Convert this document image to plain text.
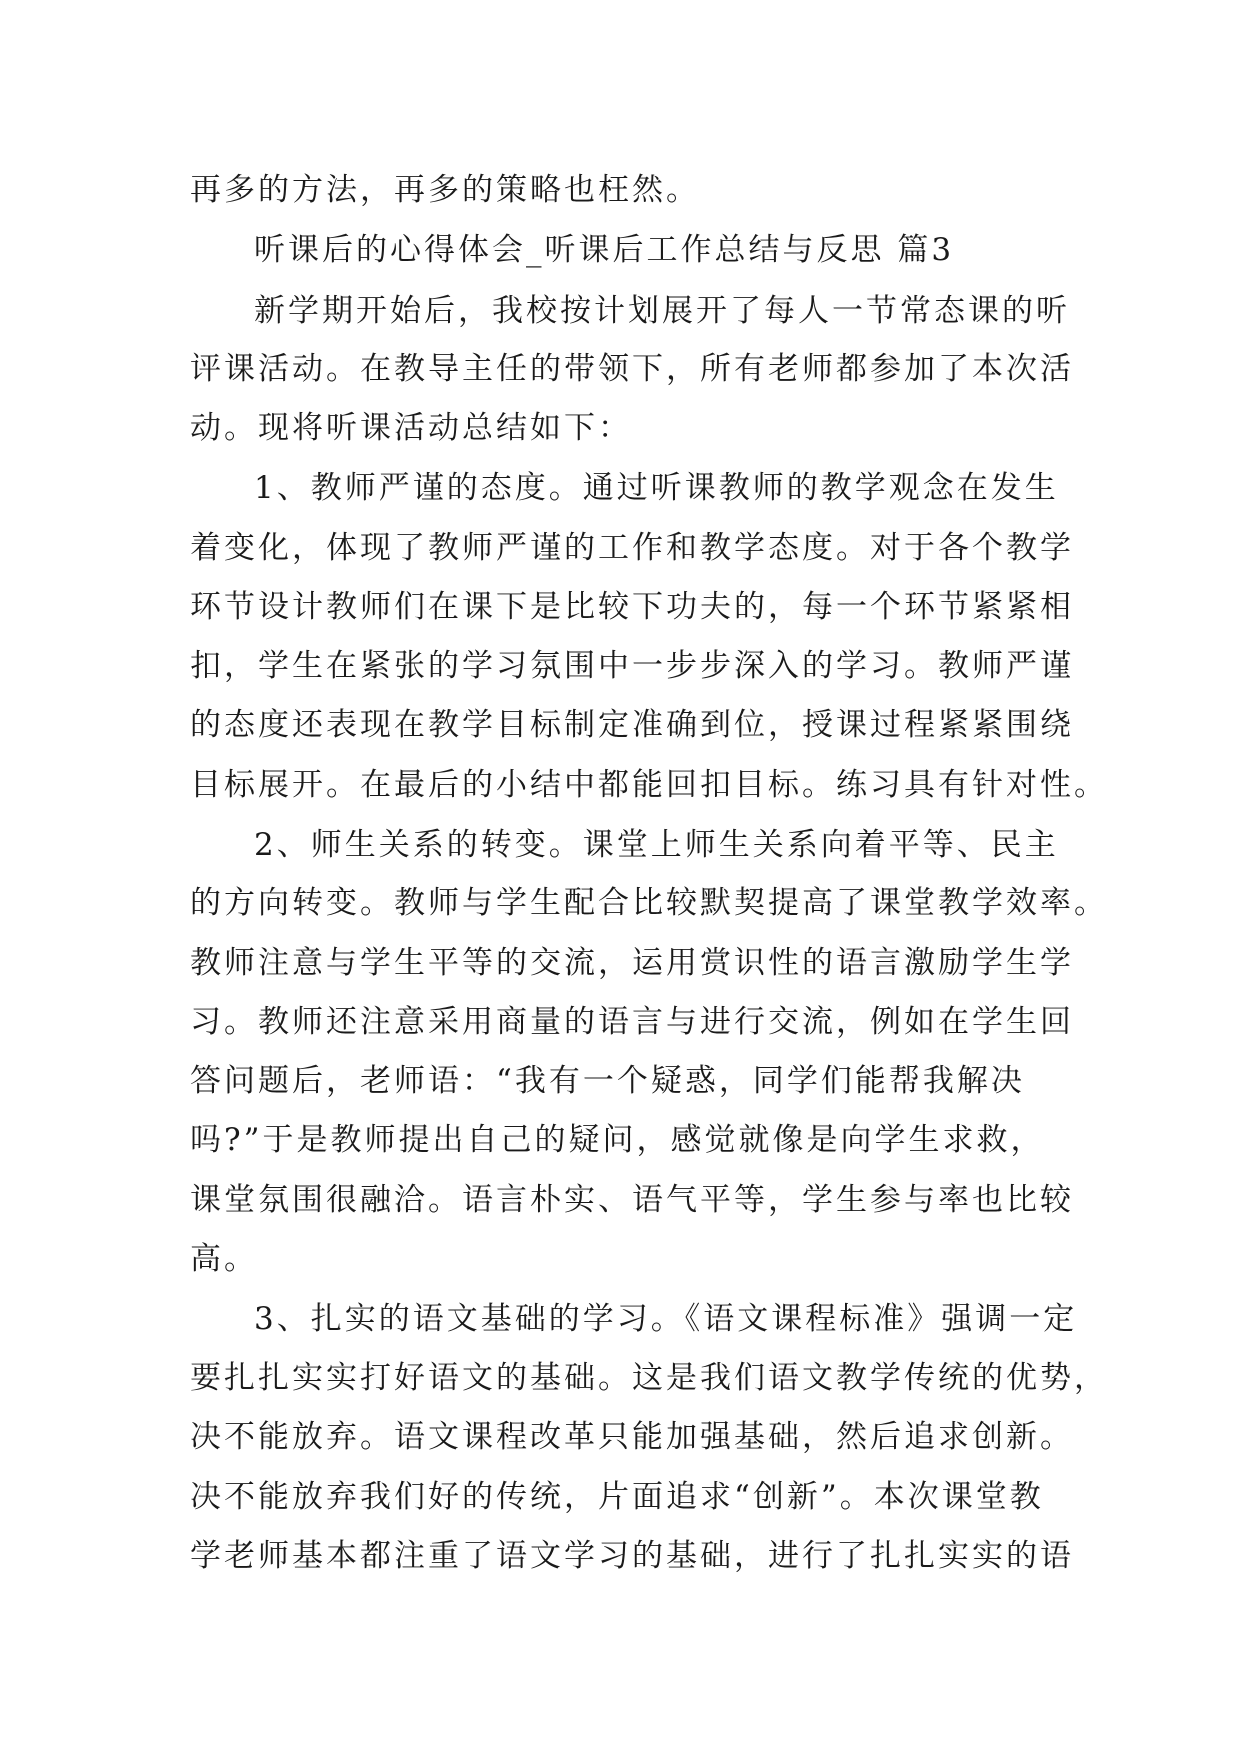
再多的方法，再多的策略也枉然。
听课后的心得体会_听课后工作总结与反思 篇3
新学期开始后，我校按计划展开了每人一节常态课的听
评课活动。在教导主任的带领下，所有老师都参加了本次活
动。现将听课活动总结如下：
1、教师严谨的态度。通过听课教师的教学观念在发生
着变化，体现了教师严谨的工作和教学态度。对于各个教学
环节设计教师们在课下是比较下功夫的，每一个环节紧紧相
扣，学生在紧张的学习氛围中一步步深入的学习。教师严谨
的态度还表现在教学目标制定准确到位，授课过程紧紧围绕
目标展开。在最后的小结中都能回扣目标。练习具有针对性。
2、师生关系的转变。课堂上师生关系向着平等、民主
的方向转变。教师与学生配合比较默契提高了课堂教学效率。
教师注意与学生平等的交流，运用赏识性的语言激励学生学
习。教师还注意采用商量的语言与进行交流，例如在学生回
答问题后，老师语：“我有一个疑惑，同学们能帮我解决
吗?”于是教师提出自己的疑问，感觉就像是向学生求救，
课堂氛围很融洽。语言朴实、语气平等，学生参与率也比较
高。
3、扎实的语文基础的学习。《语文课程标准》强调一定
要扎扎实实打好语文的基础。这是我们语文教学传统的优势，
决不能放弃。语文课程改革只能加强基础，然后追求创新。
决不能放弃我们好的传统，片面追求“创新”。本次课堂教
学老师基本都注重了语文学习的基础，进行了扎扎实实的语
